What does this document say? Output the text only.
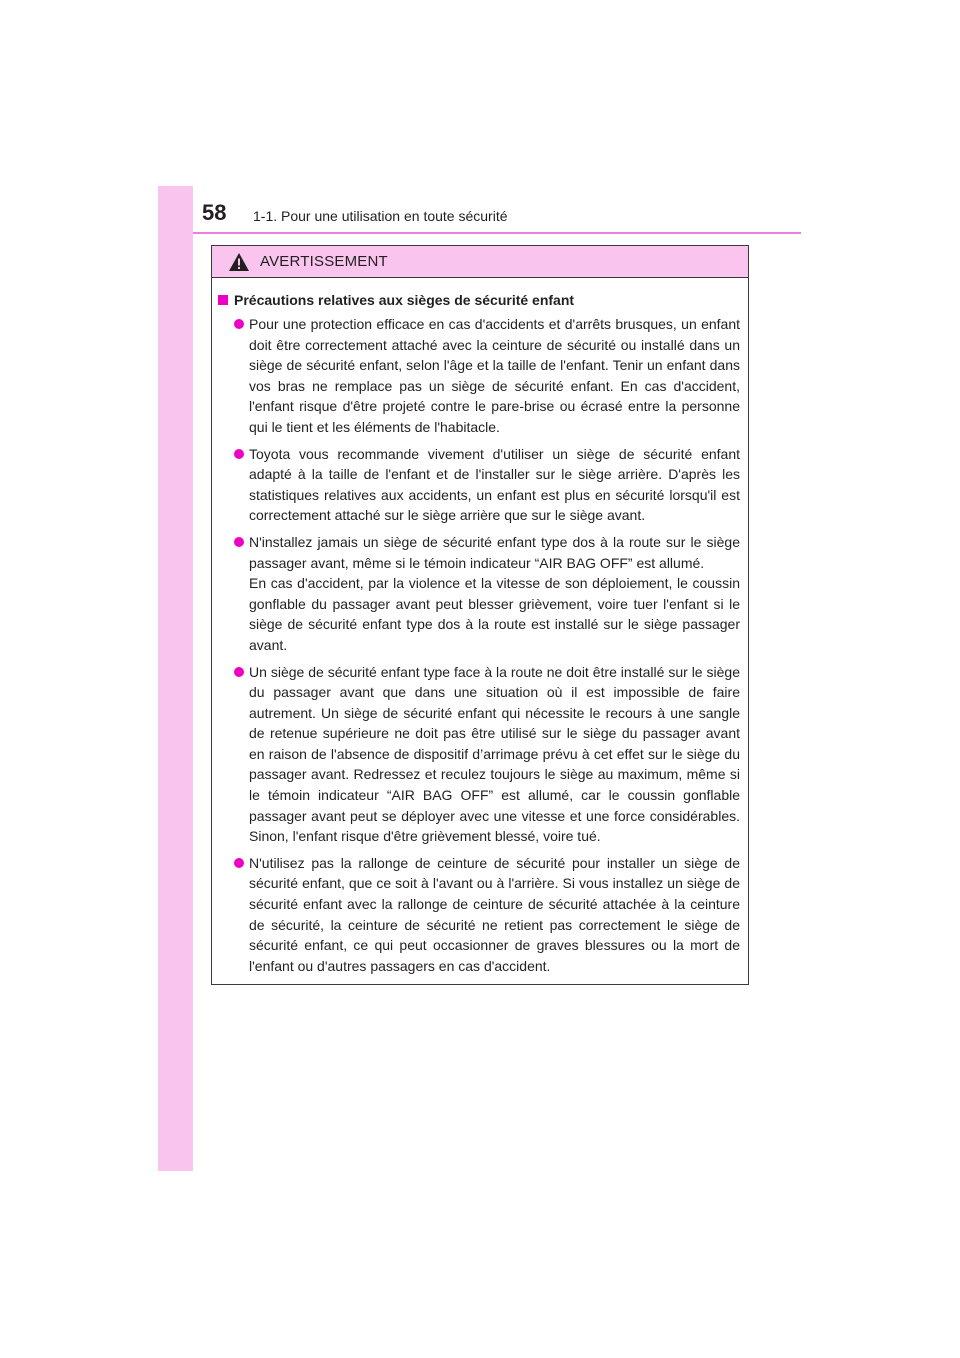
58 1-1. Pour une utilisation en toute sécurité
AVERTISSEMENT
Précautions relatives aux sièges de sécurité enfant

Pour une protection efficace en cas d'accidents et d'arrêts brusques, un enfant doit être correctement attaché avec la ceinture de sécurité ou installé dans un siège de sécurité enfant, selon l'âge et la taille de l'enfant. Tenir un enfant dans vos bras ne remplace pas un siège de sécurité enfant. En cas d'accident, l'enfant risque d'être projeté contre le pare-brise ou écrasé entre la personne qui le tient et les éléments de l'habitacle.

Toyota vous recommande vivement d'utiliser un siège de sécurité enfant adapté à la taille de l'enfant et de l'installer sur le siège arrière. D'après les statistiques relatives aux accidents, un enfant est plus en sécurité lorsqu'il est correctement attaché sur le siège arrière que sur le siège avant.

N'installez jamais un siège de sécurité enfant type dos à la route sur le siège passager avant, même si le témoin indicateur “AIR BAG OFF” est allumé.

En cas d'accident, par la violence et la vitesse de son déploiement, le coussin gonflable du passager avant peut blesser grièvement, voire tuer l'enfant si le siège de sécurité enfant type dos à la route est installé sur le siège passager avant.

Un siège de sécurité enfant type face à la route ne doit être installé sur le siège du passager avant que dans une situation où il est impossible de faire autrement. Un siège de sécurité enfant qui nécessite le recours à une sangle de retenue supérieure ne doit pas être utilisé sur le siège du passager avant en raison de l'absence de dispositif d’arrimage prévu à cet effet sur le siège du passager avant. Redressez et reculez toujours le siège au maximum, même si le témoin indicateur “AIR BAG OFF” est allumé, car le coussin gonflable passager avant peut se déployer avec une vitesse et une force considérables. Sinon, l'enfant risque d'être grièvement blessé, voire tué.

N'utilisez pas la rallonge de ceinture de sécurité pour installer un siège de sécurité enfant, que ce soit à l'avant ou à l'arrière. Si vous installez un siège de sécurité enfant avec la rallonge de ceinture de sécurité attachée à la ceinture de sécurité, la ceinture de sécurité ne retient pas correctement le siège de sécurité enfant, ce qui peut occasionner de graves blessures ou la mort de l'enfant ou d'autres passagers en cas d'accident.
